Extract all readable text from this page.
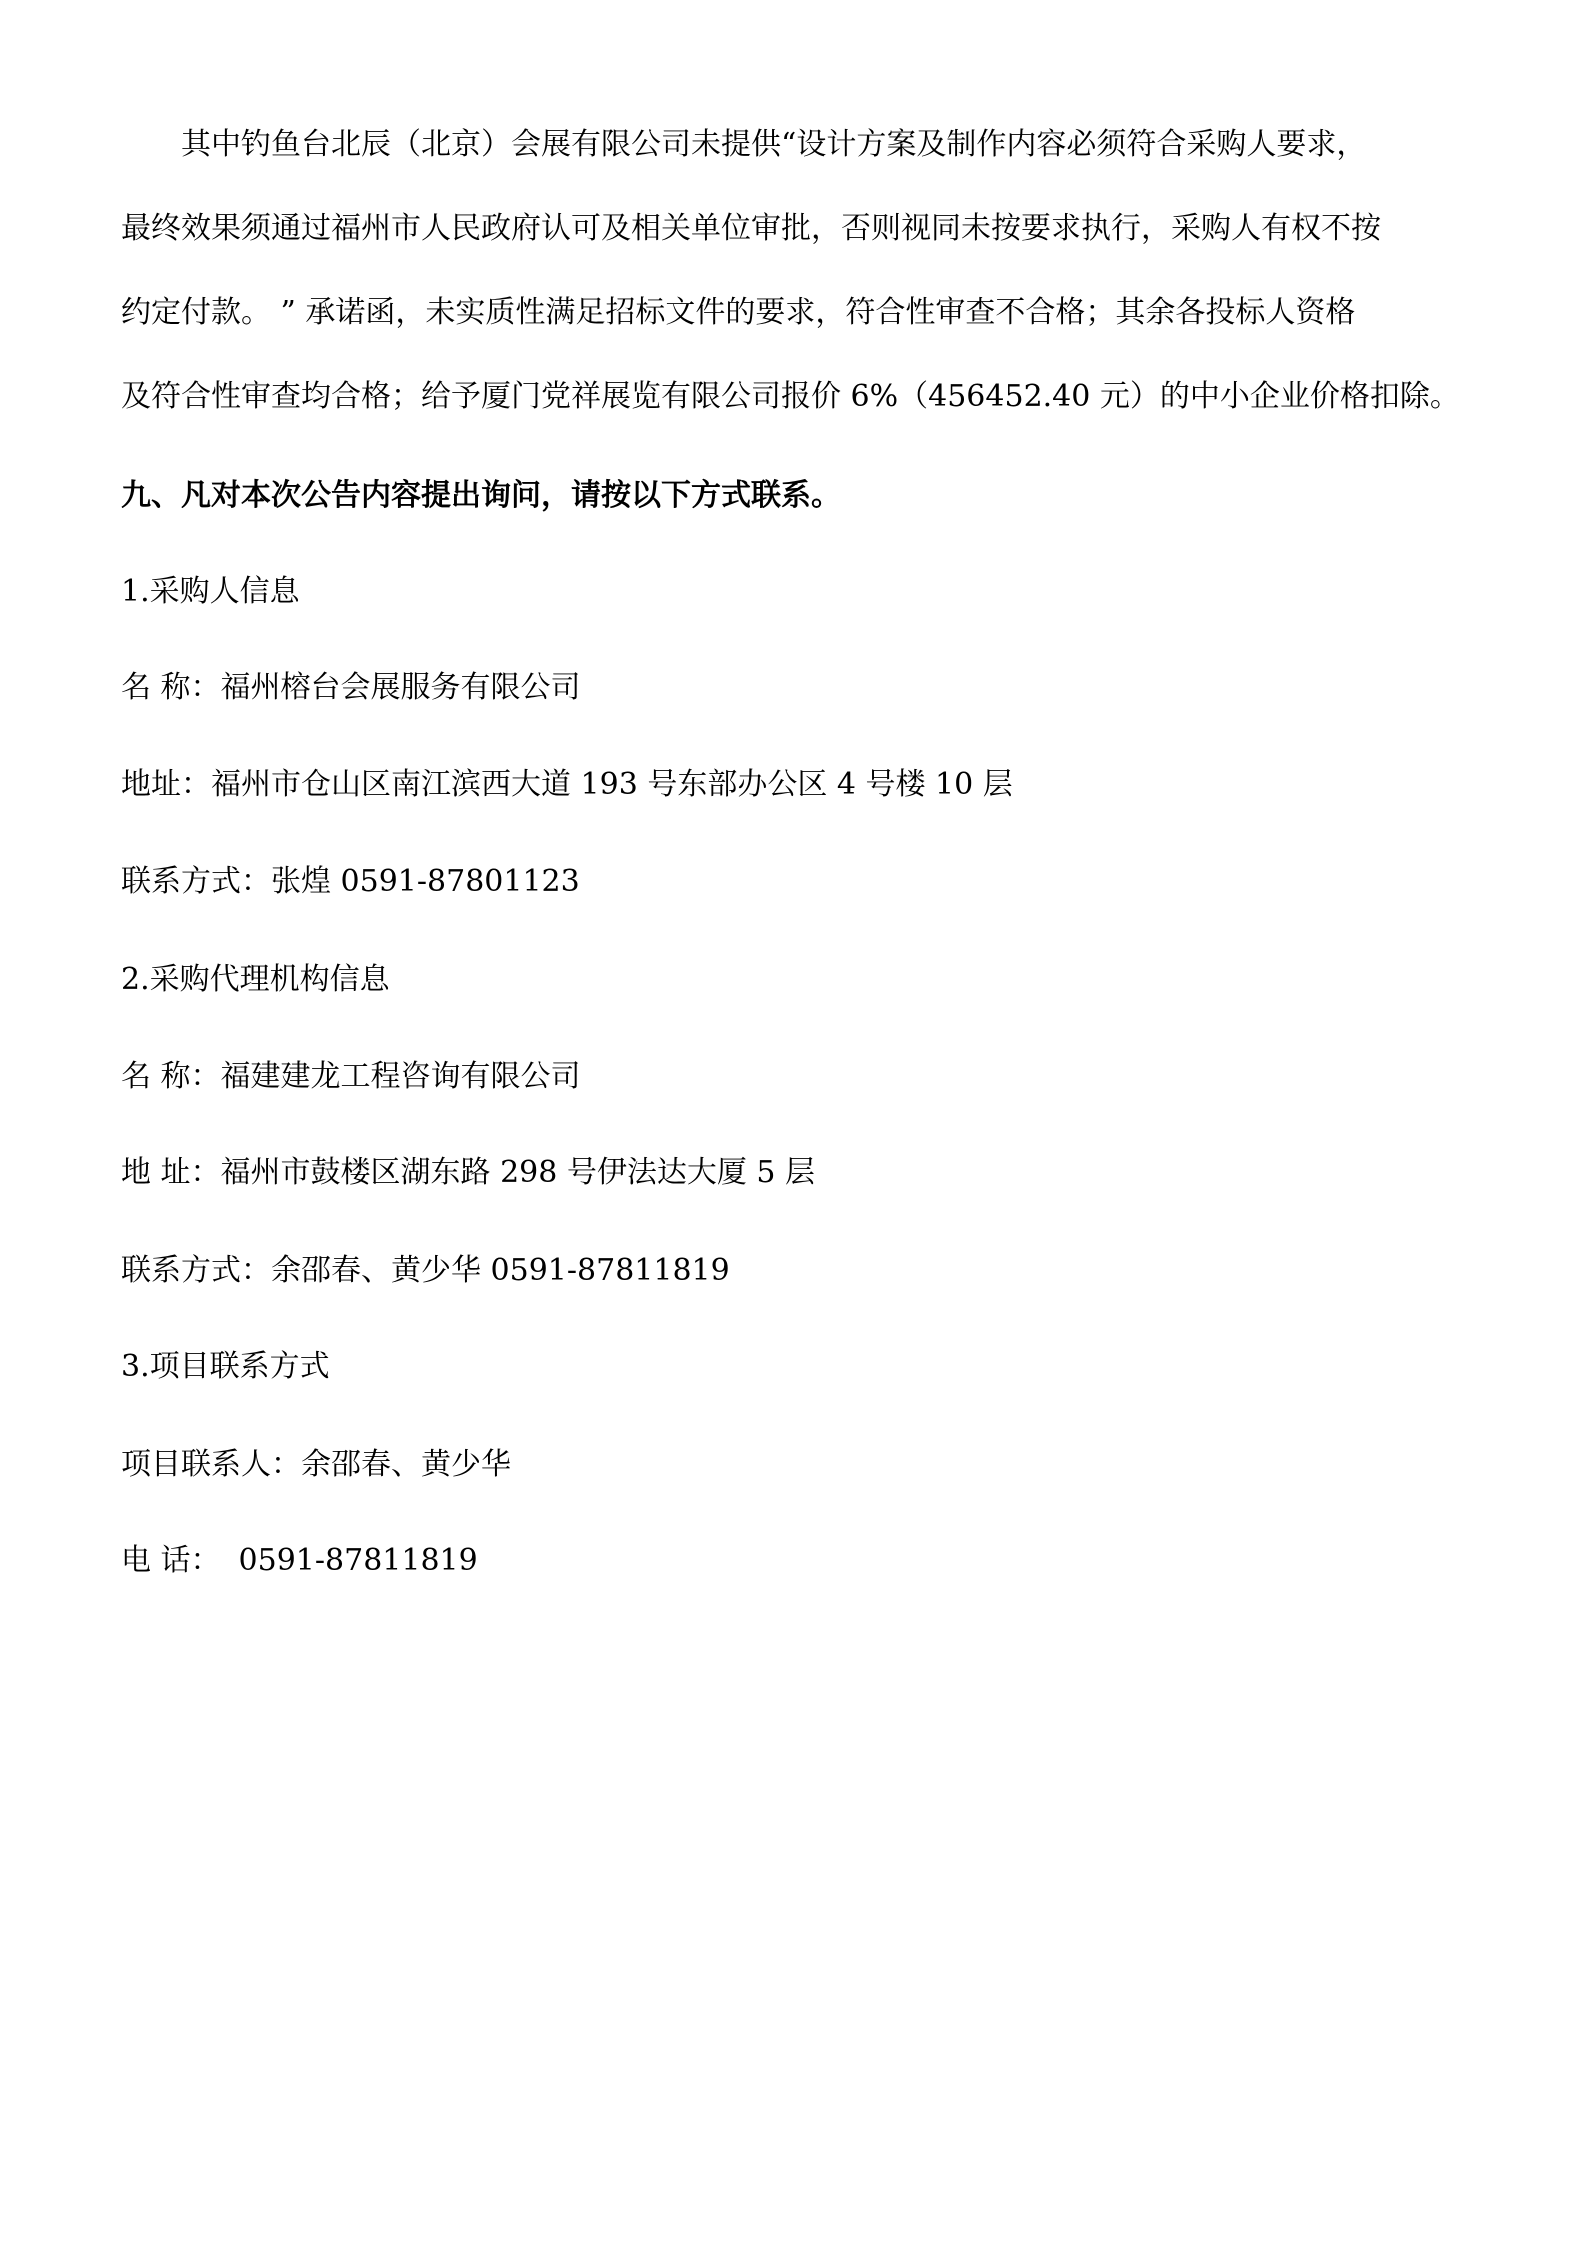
其中钓鱼台北辰（北京）会展有限公司未提供“设计方案及制作内容必须符合采购人要求，
最终效果须通过福州市人民政府认可及相关单位审批，否则视同未按要求执行，采购人有权不按
约定付款。 ” 承诺函，未实质性满足招标文件的要求，符合性审查不合格；其余各投标人资格
及符合性审查均合格；给予厦门党祥展览有限公司报价 6%（456452.40 元）的中小企业价格扣除。
九、凡对本次公告内容提出询问，请按以下方式联系。
1.采购人信息
名 称：福州榕台会展服务有限公司
地址：福州市仓山区南江滨西大道 193 号东部办公区 4 号楼 10 层
联系方式：张煌 0591-87801123
2.采购代理机构信息
名 称：福建建龙工程咨询有限公司
地 址：福州市鼓楼区湖东路 298 号伊法达大厦 5 层
联系方式：余邵春、黄少华 0591-87811819
3.项目联系方式
项目联系人：余邵春、黄少华
电 话： 0591-87811819
